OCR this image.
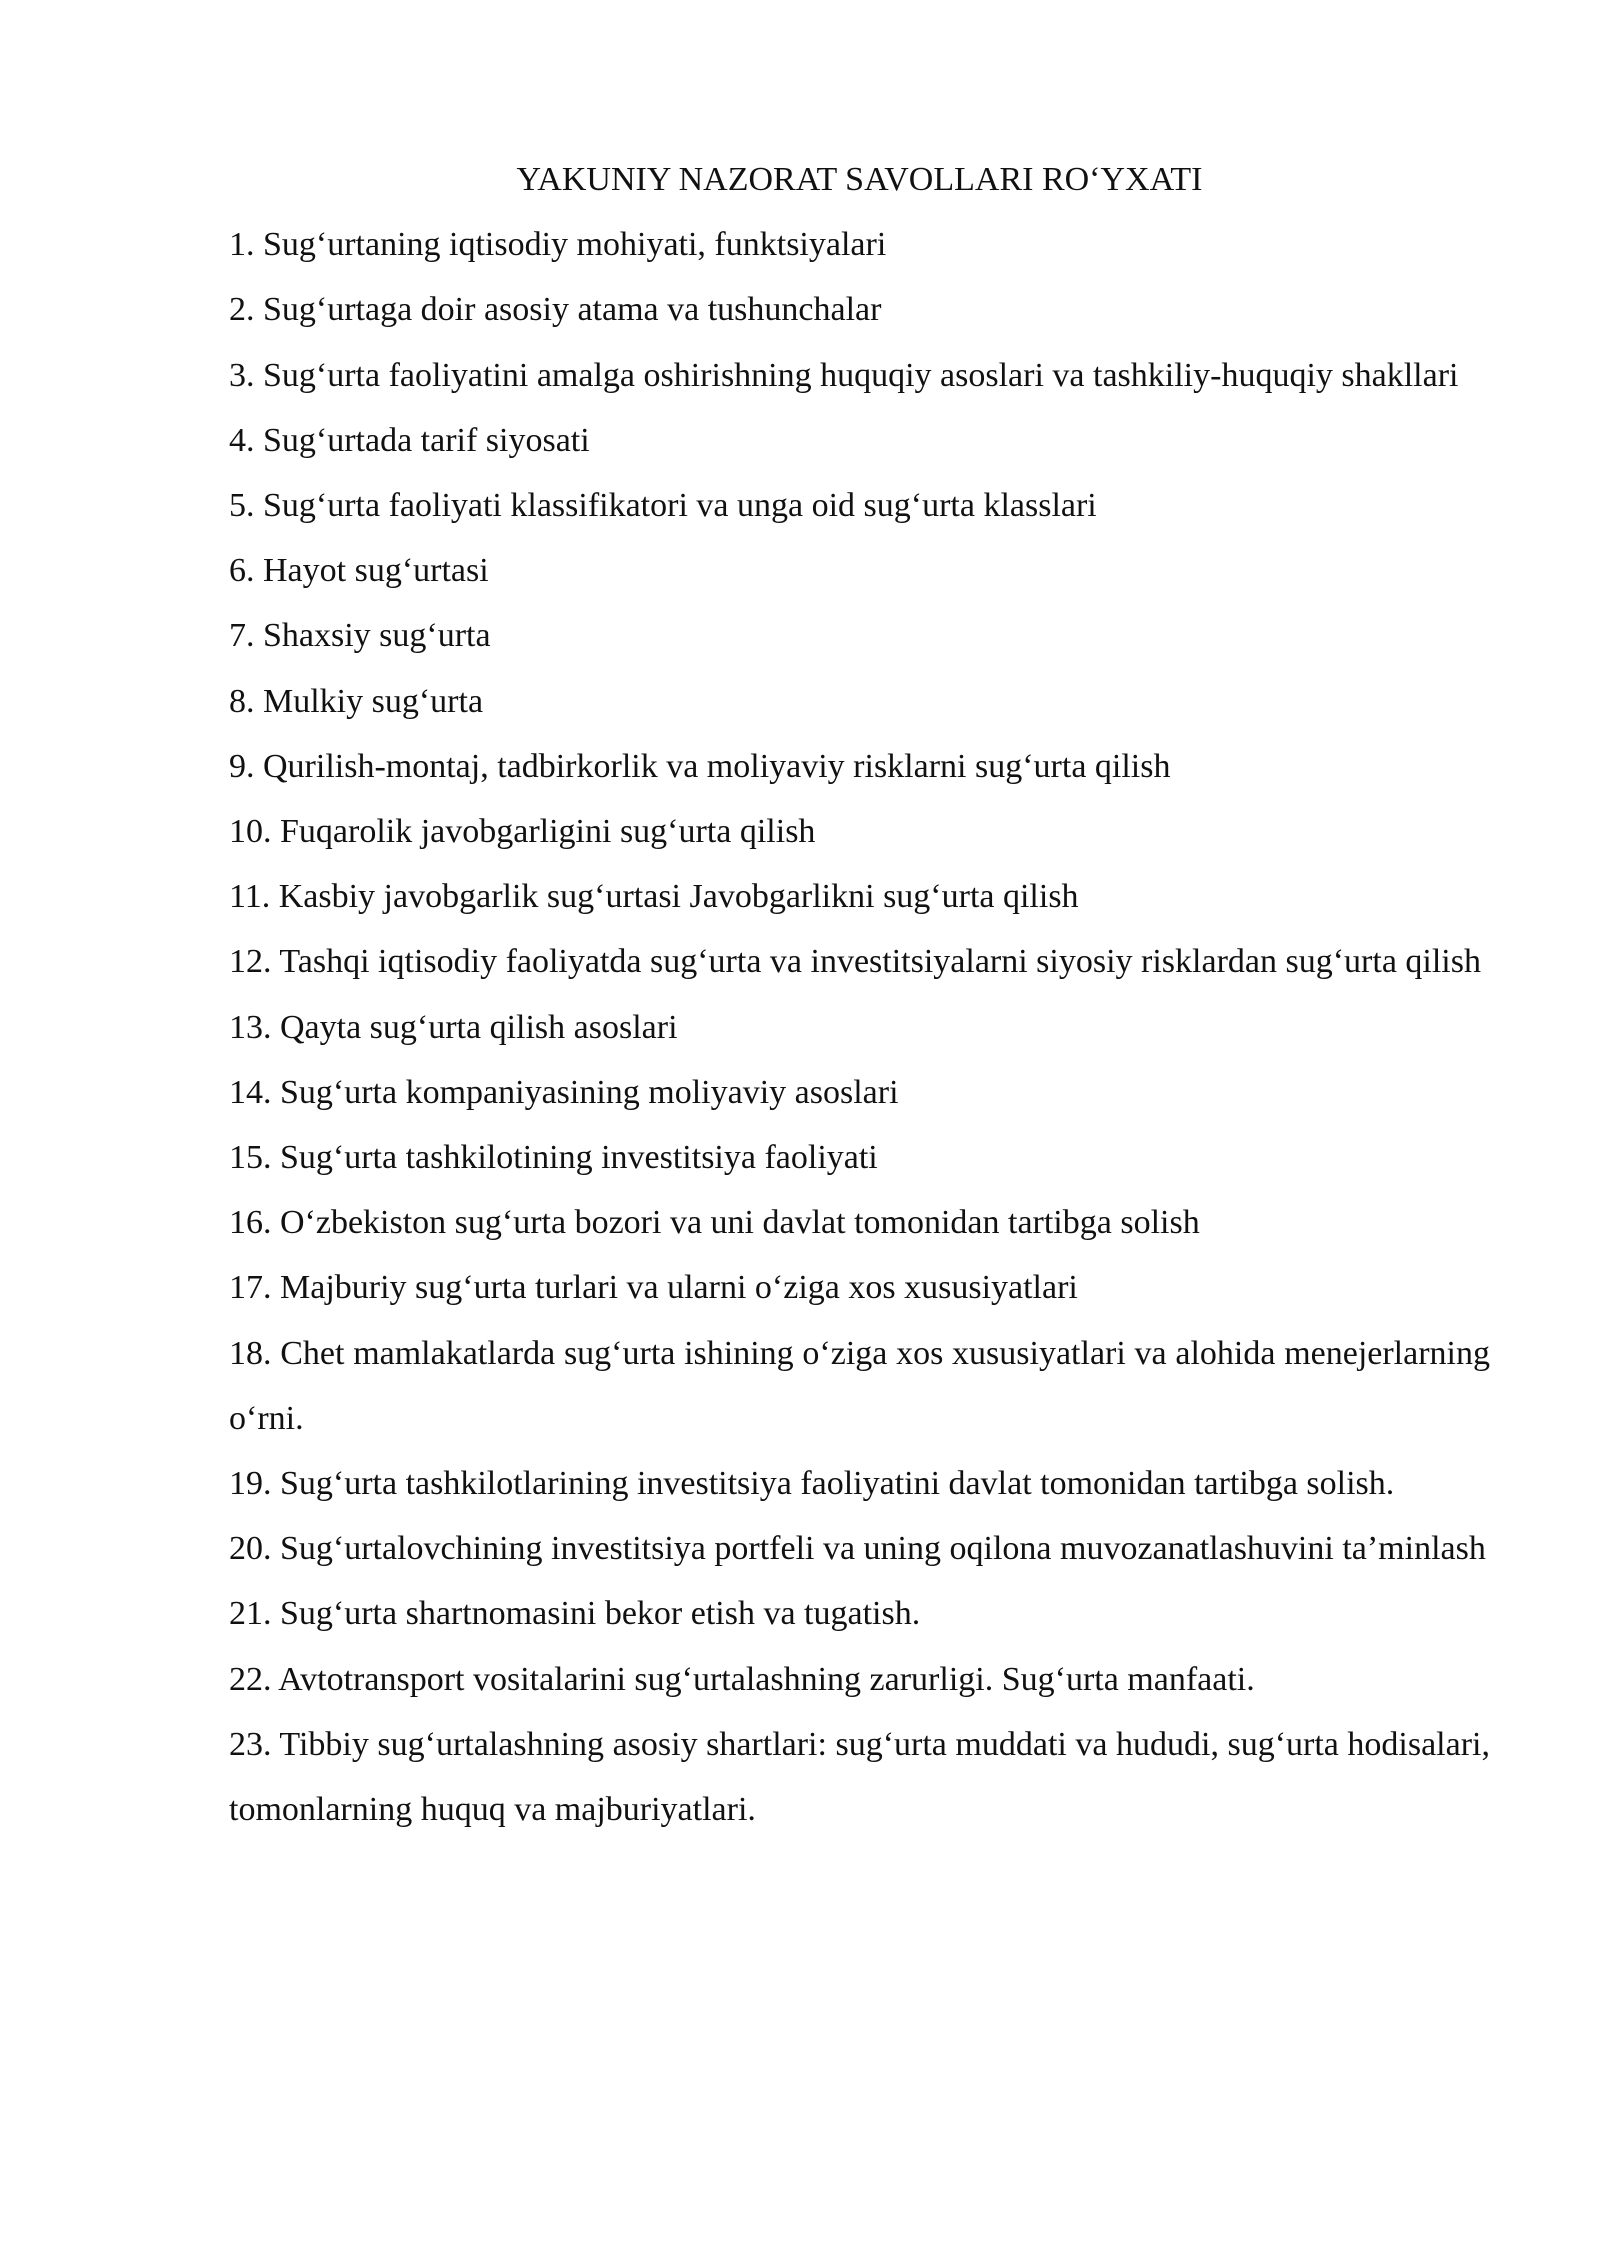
YAKUNIY NAZORAT SAVOLLARI RO‘YXATI

1. Sug‘urtaning iqtisodiy mohiyati, funktsiyalari

2. Sug‘urtaga doir asosiy atama va tushunchalar

3. Sug‘urta faoliyatini amalga oshirishning huquqiy asoslari va tashkiliy-huquqiy shakllari

4. Sug‘urtada tarif siyosati

5. Sug‘urta faoliyati klassifikatori va unga oid sug‘urta klasslari

6. Hayot sug‘urtasi

7. Shaxsiy sug‘urta

8. Mulkiy sug‘urta

9. Qurilish-montaj, tadbirkorlik va moliyaviy risklarni sug‘urta qilish

10. Fuqarolik javobgarligini sug‘urta qilish

11. Kasbiy javobgarlik sug‘urtasi Javobgarlikni sug‘urta qilish

12. Tashqi iqtisodiy faoliyatda sug‘urta va investitsiyalarni siyosiy risklardan sug‘urta qilish

13. Qayta sug‘urta qilish asoslari

14. Sug‘urta kompaniyasining moliyaviy asoslari

15. Sug‘urta tashkilotining investitsiya faoliyati

16. O‘zbekiston sug‘urta bozori va uni davlat tomonidan tartibga solish

17. Majburiy sug‘urta turlari va ularni o‘ziga xos xususiyatlari

18. Chet mamlakatlarda sug‘urta ishining o‘ziga xos xususiyatlari va alohida menejerlarning o‘rni.

19. Sug‘urta tashkilotlarining investitsiya faoliyatini davlat tomonidan tartibga solish.

20. Sug‘urtalovchining investitsiya portfeli va uning oqilona muvozanatlashuvini ta’minlash

21. Sug‘urta shartnomasini bekor etish va tugatish.

22. Avtotransport vositalarini sug‘urtalashning zarurligi. Sug‘urta manfaati.

23. Tibbiy sug‘urtalashning asosiy shartlari: sug‘urta muddati va hududi, sug‘urta hodisalari, tomonlarning huquq va majburiyatlari.
